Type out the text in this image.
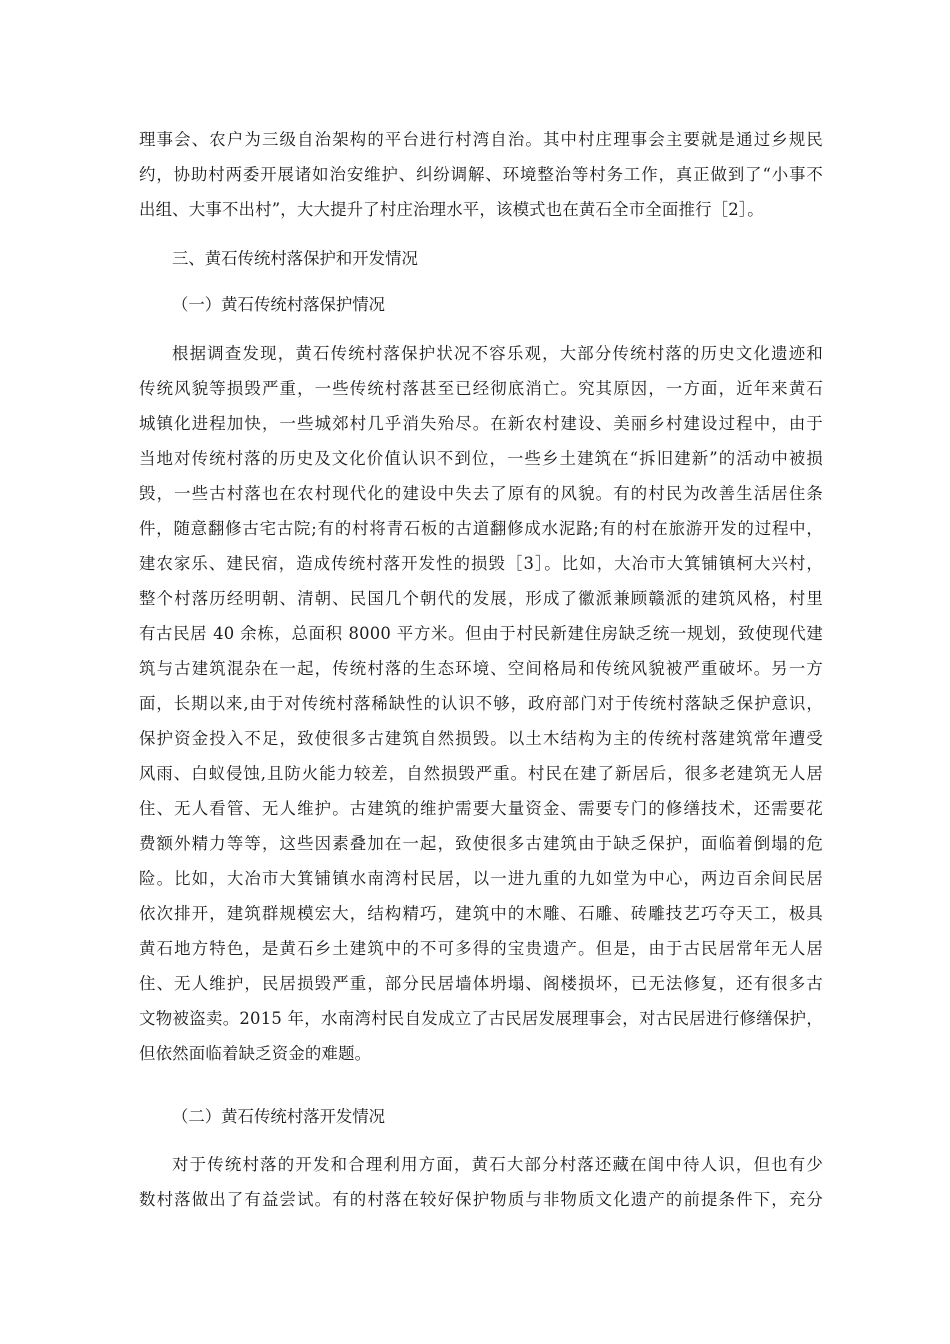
理事会、农户为三级自治架构的平台进行村湾自治。其中村庄理事会主要就是通过乡规民
约，协助村两委开展诸如治安维护、纠纷调解、环境整治等村务工作，真正做到了“小事不
出组、大事不出村”，大大提升了村庄治理水平，该模式也在黄石全市全面推行［2］。
三、黄石传统村落保护和开发情况
（一）黄石传统村落保护情况
根据调查发现，黄石传统村落保护状况不容乐观，大部分传统村落的历史文化遗迹和
传统风貌等损毁严重，一些传统村落甚至已经彻底消亡。究其原因，一方面，近年来黄石
城镇化进程加快，一些城郊村几乎消失殆尽。在新农村建设、美丽乡村建设过程中，由于
当地对传统村落的历史及文化价值认识不到位，一些乡土建筑在“拆旧建新”的活动中被损
毁，一些古村落也在农村现代化的建设中失去了原有的风貌。有的村民为改善生活居住条
件，随意翻修古宅古院;有的村将青石板的古道翻修成水泥路;有的村在旅游开发的过程中，
建农家乐、建民宿，造成传统村落开发性的损毁［3］。比如，大冶市大箕铺镇柯大兴村，
整个村落历经明朝、清朝、民国几个朝代的发展，形成了徽派兼顾赣派的建筑风格，村里
有古民居 40 余栋，总面积 8000 平方米。但由于村民新建住房缺乏统一规划，致使现代建
筑与古建筑混杂在一起，传统村落的生态环境、空间格局和传统风貌被严重破坏。另一方
面，长期以来,由于对传统村落稀缺性的认识不够，政府部门对于传统村落缺乏保护意识，
保护资金投入不足，致使很多古建筑自然损毁。以土木结构为主的传统村落建筑常年遭受
风雨、白蚁侵蚀,且防火能力较差，自然损毁严重。村民在建了新居后，很多老建筑无人居
住、无人看管、无人维护。古建筑的维护需要大量资金、需要专门的修缮技术，还需要花
费额外精力等等，这些因素叠加在一起，致使很多古建筑由于缺乏保护，面临着倒塌的危
险。比如，大冶市大箕铺镇水南湾村民居，以一进九重的九如堂为中心，两边百余间民居
依次排开，建筑群规模宏大，结构精巧，建筑中的木雕、石雕、砖雕技艺巧夺天工，极具
黄石地方特色，是黄石乡土建筑中的不可多得的宝贵遗产。但是，由于古民居常年无人居
住、无人维护，民居损毁严重，部分民居墙体坍塌、阁楼损坏，已无法修复，还有很多古
文物被盗卖。2015 年，水南湾村民自发成立了古民居发展理事会，对古民居进行修缮保护，
但依然面临着缺乏资金的难题。
（二）黄石传统村落开发情况
对于传统村落的开发和合理利用方面，黄石大部分村落还藏在闺中待人识，但也有少
数村落做出了有益尝试。有的村落在较好保护物质与非物质文化遗产的前提条件下，充分
